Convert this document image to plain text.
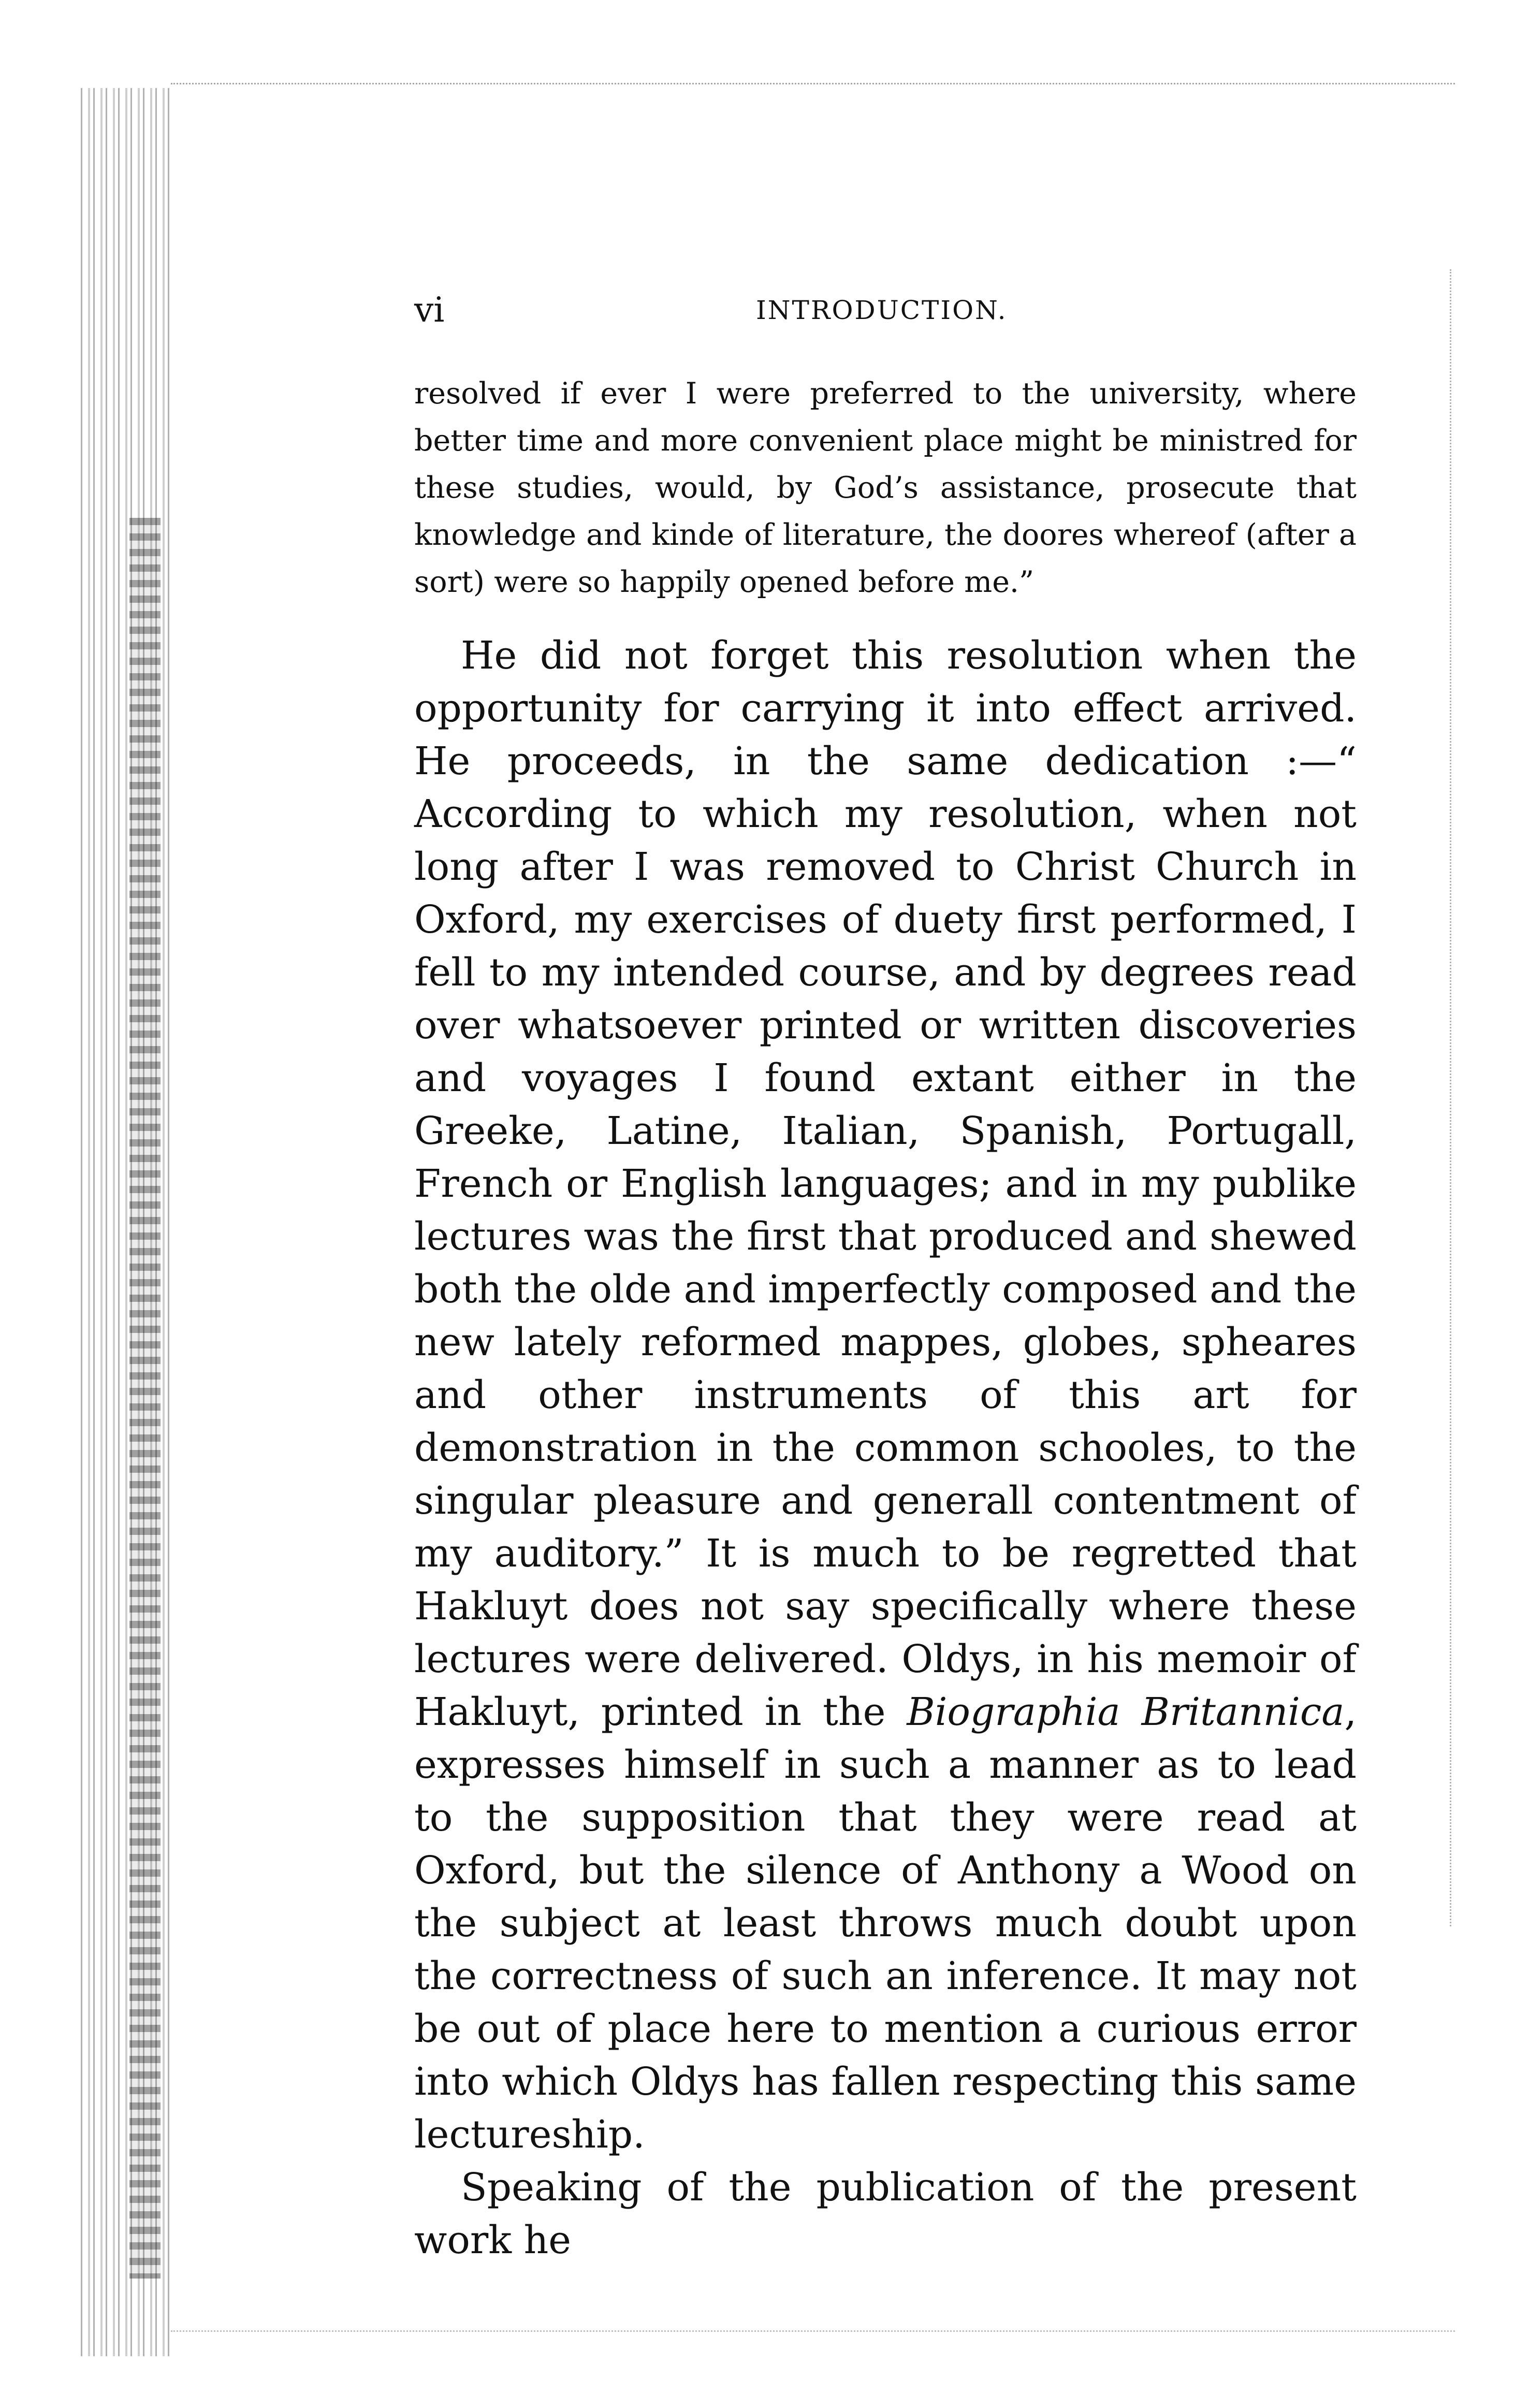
vi	INTRODUCTION.
resolved if ever I were preferred to the university, where better time and more convenient place might be ministred for these studies, would, by God’s assistance, prosecute that knowledge and kinde of literature, the doores whereof (after a sort) were so happily opened before me.”

He did not forget this resolution when the opportunity for carrying it into effect arrived. He proceeds, in the same dedication :—“ According to which my resolution, when not long after I was removed to Christ Church in Oxford, my exercises of duety first performed, I fell to my intended course, and by degrees read over whatsoever printed or written discoveries and voyages I found extant either in the Greeke, Latine, Italian, Spanish, Portugall, French or English languages; and in my publike lectures was the first that produced and shewed both the olde and imperfectly composed and the new lately reformed mappes, globes, spheares and other instruments of this art for demonstration in the common schooles, to the singular pleasure and generall contentment of my auditory.” It is much to be regretted that Hakluyt does not say specifically where these lectures were delivered. Oldys, in his memoir of Hakluyt, printed in the Biographia Britannica, expresses himself in such a manner as to lead to the supposition that they were read at Oxford, but the silence of Anthony a Wood on the subject at least throws much doubt upon the correctness of such an inference. It may not be out of place here to mention a curious error into which Oldys has fallen respecting this same lectureship.

Speaking of the publication of the present work he
